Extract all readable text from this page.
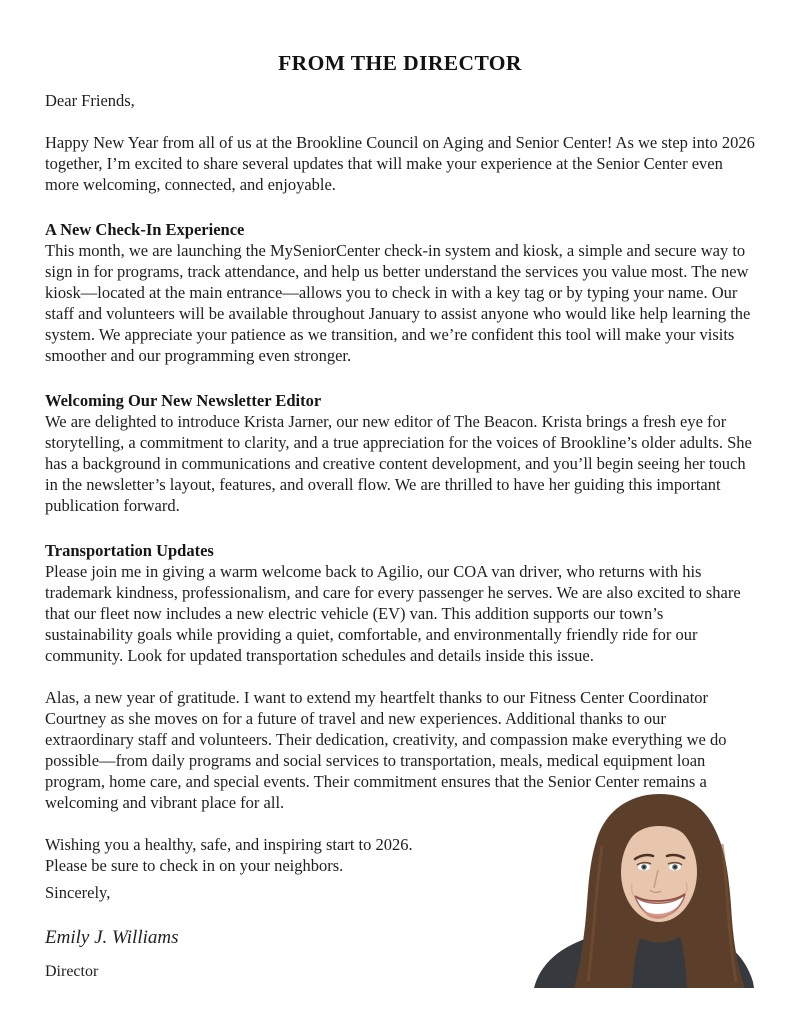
FROM THE DIRECTOR

Dear Friends,

Happy New Year from all of us at the Brookline Council on Aging and Senior Center! As we step into 2026 together, I’m excited to share several updates that will make your experience at the Senior Center even more welcoming, connected, and enjoyable.

A New Check-In Experience

This month, we are launching the MySeniorCenter check-in system and kiosk, a simple and secure way to sign in for programs, track attendance, and help us better understand the services you value most. The new kiosk—located at the main entrance—allows you to check in with a key tag or by typing your name. Our staff and volunteers will be available throughout January to assist anyone who would like help learning the system. We appreciate your patience as we transition, and we’re confident this tool will make your visits smoother and our programming even stronger.

Welcoming Our New Newsletter Editor

We are delighted to introduce Krista Jarner, our new editor of The Beacon. Krista brings a fresh eye for storytelling, a commitment to clarity, and a true appreciation for the voices of Brookline’s older adults. She has a background in communications and creative content development, and you’ll begin seeing her touch in the newsletter’s layout, features, and overall flow. We are thrilled to have her guiding this important publication forward.

Transportation Updates

Please join me in giving a warm welcome back to Agilio, our COA van driver, who returns with his trademark kindness, professionalism, and care for every passenger he serves. We are also excited to share that our fleet now includes a new electric vehicle (EV) van. This addition supports our town’s sustainability goals while providing a quiet, comfortable, and environmentally friendly ride for our community. Look for updated transportation schedules and details inside this issue.

Alas, a new year of gratitude. I want to extend my heartfelt thanks to our Fitness Center Coordinator Courtney as she moves on for a future of travel and new experiences. Additional thanks to our extraordinary staff and volunteers. Their dedication, creativity, and compassion make everything we do possible—from daily programs and social services to transportation, meals, medical equipment loan program, home care, and special events. Their commitment ensures that the Senior Center remains a welcoming and vibrant place for all.

Wishing you a healthy, safe, and inspiring start to 2026.

Please be sure to check in on your neighbors.

Sincerely,

Emily J. Williams

Director
